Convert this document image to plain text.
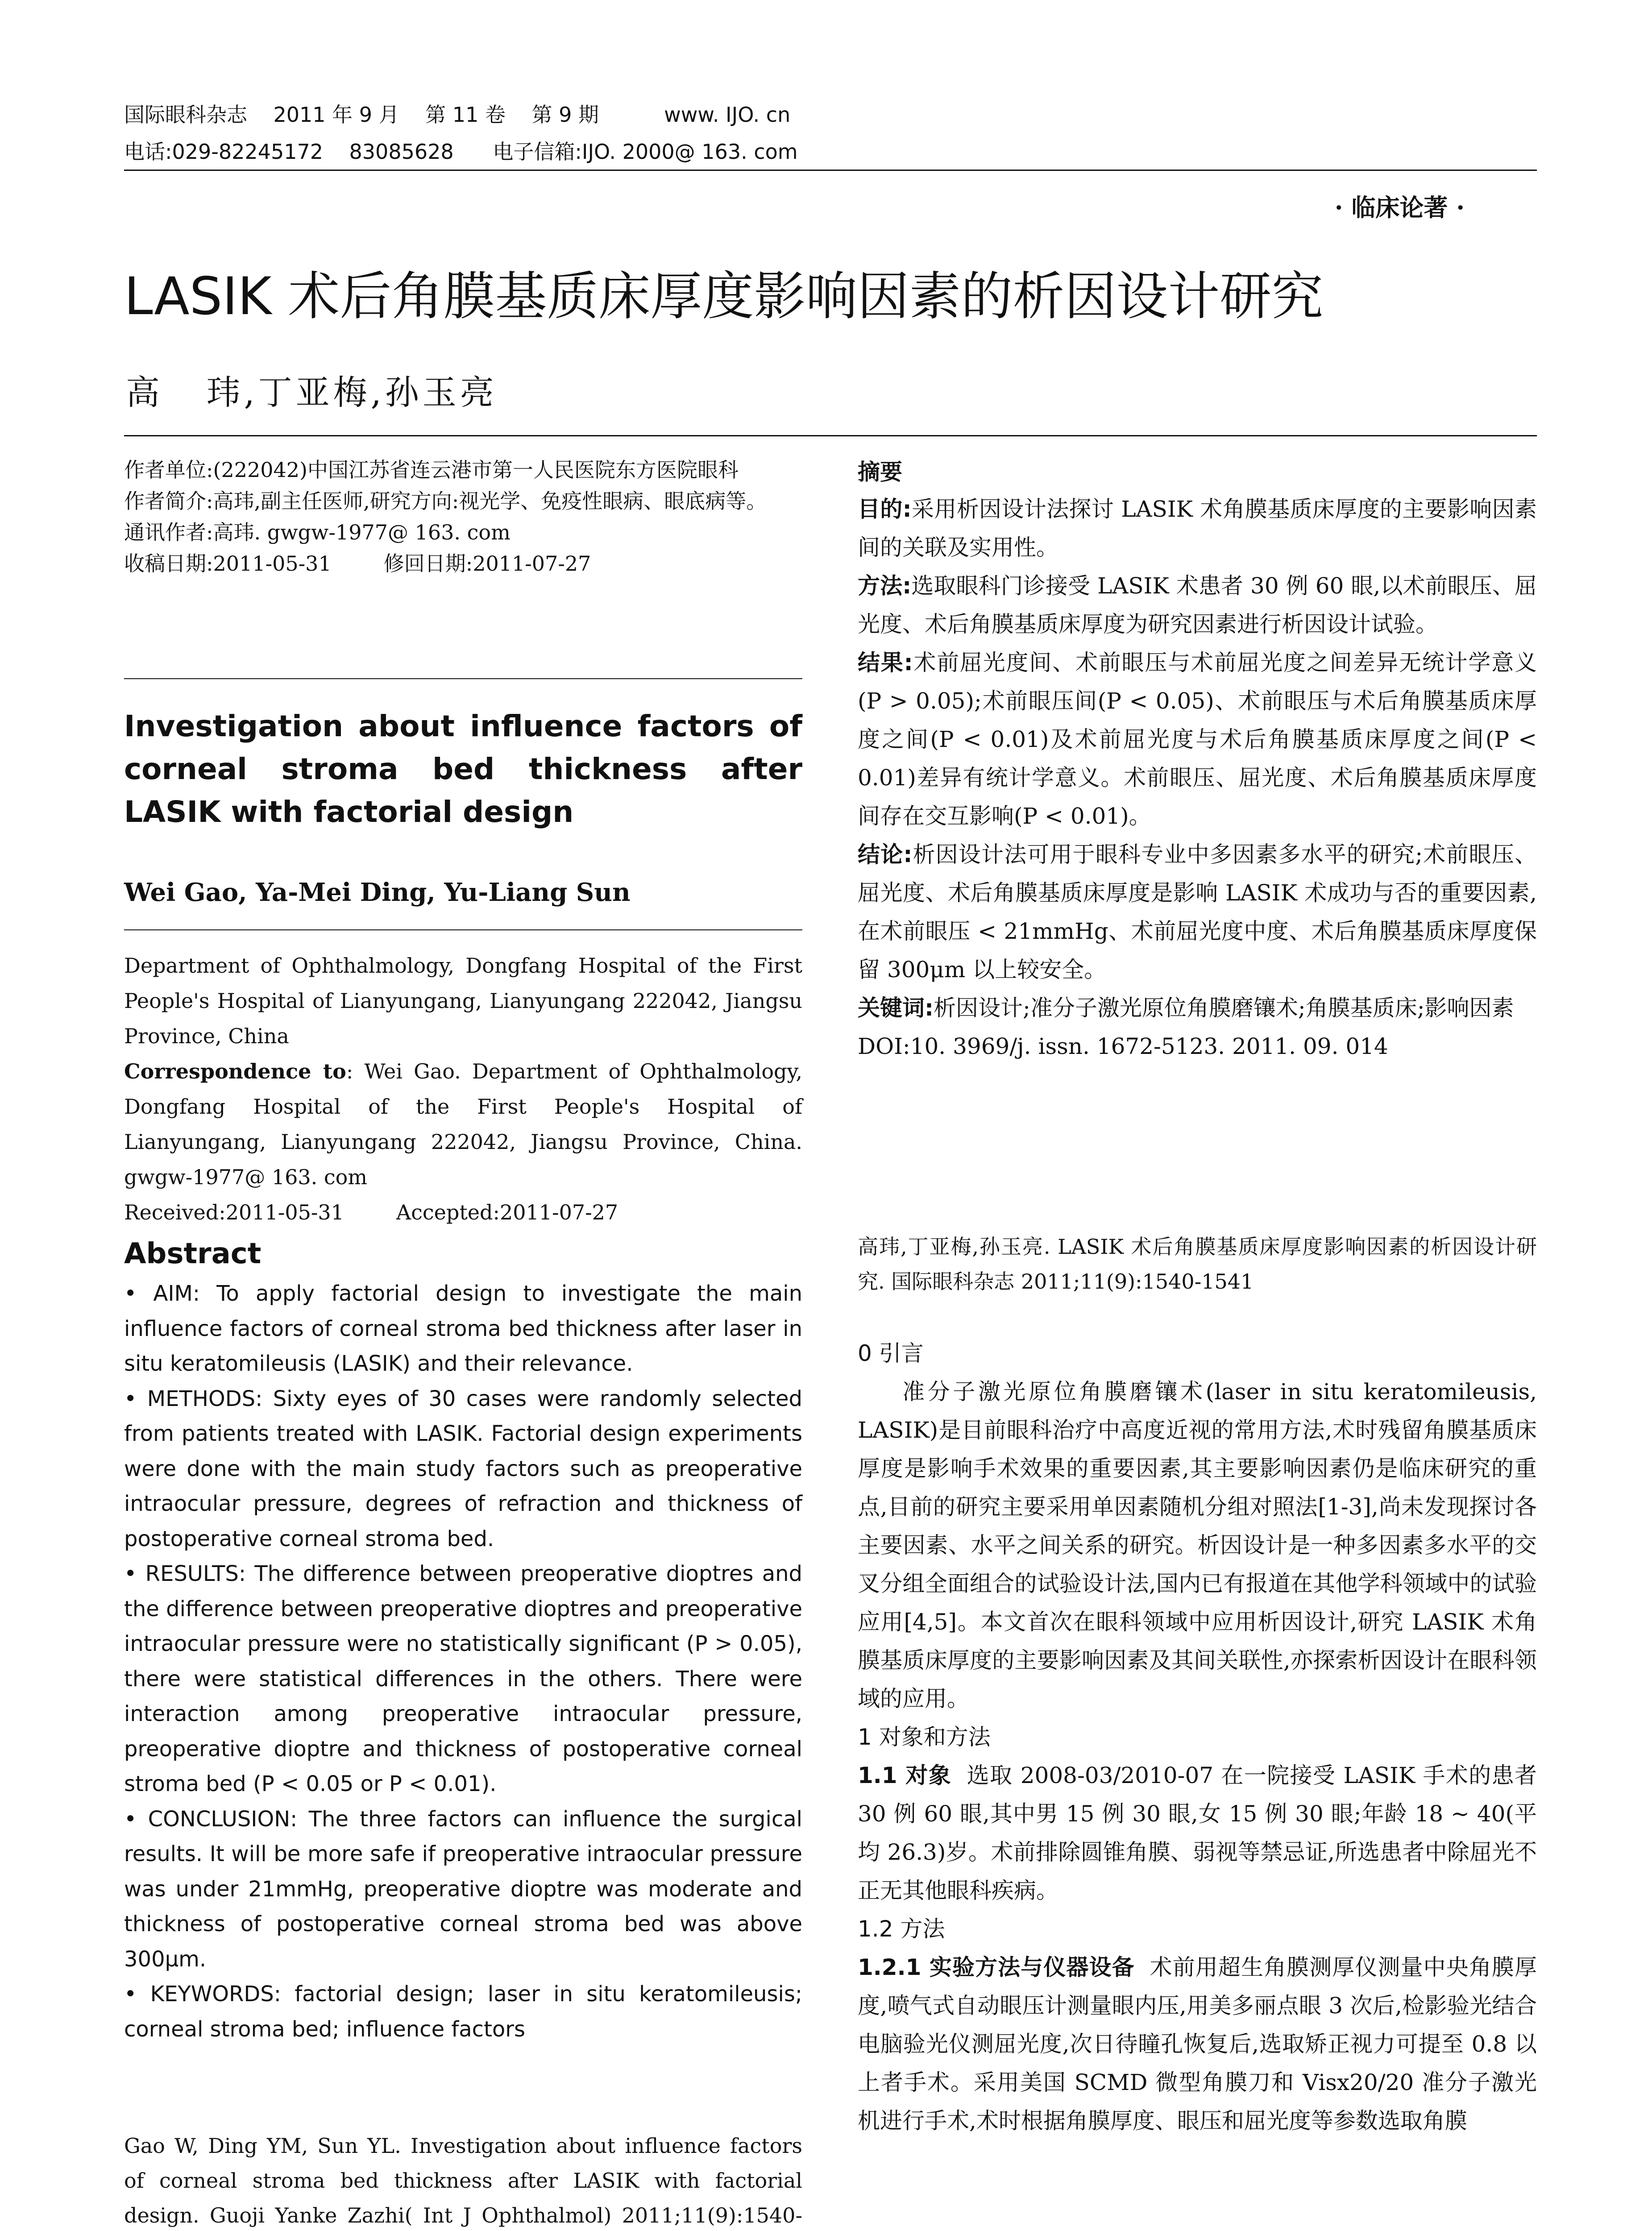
国际眼科杂志    2011 年 9 月    第 11 卷    第 9 期          www. IJO. cn
电话:029-82245172    83085628      电子信箱:IJO. 2000@ 163. com
· 临床论著 ·
LASIK 术后角膜基质床厚度影响因素的析因设计研究
高   玮,丁亚梅,孙玉亮

作者单位:(222042)中国江苏省连云港市第一人民医院东方医院眼科

作者简介:高玮,副主任医师,研究方向:视光学、免疫性眼病、眼底病等。

通讯作者:高玮. gwgw-1977@ 163. com

收稿日期:2011-05-31        修回日期:2011-07-27

Investigation about influence factors of corneal stroma bed thickness after LASIK with factorial design

Wei Gao, Ya-Mei Ding, Yu-Liang Sun

Department of Ophthalmology, Dongfang Hospital of the First People's Hospital of Lianyungang, Lianyungang 222042, Jiangsu Province, China

Correspondence to: Wei Gao. Department of Ophthalmology, Dongfang Hospital of the First People's Hospital of Lianyungang, Lianyungang 222042, Jiangsu Province, China. gwgw-1977@ 163. com

Received:2011-05-31        Accepted:2011-07-27

Abstract

• AIM: To apply factorial design to investigate the main influence factors of corneal stroma bed thickness after laser in situ keratomileusis (LASIK) and their relevance.

• METHODS: Sixty eyes of 30 cases were randomly selected from patients treated with LASIK. Factorial design experiments were done with the main study factors such as preoperative intraocular pressure, degrees of refraction and thickness of postoperative corneal stroma bed.

• RESULTS: The difference between preoperative dioptres and the difference between preoperative dioptres and preoperative intraocular pressure were no statistically significant (P > 0.05), there were statistical differences in the others. There were interaction among preoperative intraocular pressure, preoperative dioptre and thickness of postoperative corneal stroma bed (P < 0.05 or P < 0.01).

• CONCLUSION: The three factors can influence the surgical results. It will be more safe if preoperative intraocular pressure was under 21mmHg, preoperative dioptre was moderate and thickness of postoperative corneal stroma bed was above 300μm.

• KEYWORDS: factorial design; laser in situ keratomileusis; corneal stroma bed; influence factors

Gao W, Ding YM, Sun YL. Investigation about influence factors of corneal stroma bed thickness after LASIK with factorial design. Guoji Yanke Zazhi( Int J Ophthalmol) 2011;11(9):1540-

摘要

目的:采用析因设计法探讨 LASIK 术角膜基质床厚度的主要影响因素间的关联及实用性。

方法:选取眼科门诊接受 LASIK 术患者 30 例 60 眼,以术前眼压、屈光度、术后角膜基质床厚度为研究因素进行析因设计试验。

结果:术前屈光度间、术前眼压与术前屈光度之间差异无统计学意义(P > 0.05);术前眼压间(P < 0.05)、术前眼压与术后角膜基质床厚度之间(P < 0.01)及术前屈光度与术后角膜基质床厚度之间(P < 0.01)差异有统计学意义。术前眼压、屈光度、术后角膜基质床厚度间存在交互影响(P < 0.01)。

结论:析因设计法可用于眼科专业中多因素多水平的研究;术前眼压、屈光度、术后角膜基质床厚度是影响 LASIK 术成功与否的重要因素,在术前眼压 < 21mmHg、术前屈光度中度、术后角膜基质床厚度保留 300μm 以上较安全。

关键词:析因设计;准分子激光原位角膜磨镶术;角膜基质床;影响因素

DOI:10. 3969/j. issn. 1672-5123. 2011. 09. 014

高玮,丁亚梅,孙玉亮. LASIK 术后角膜基质床厚度影响因素的析因设计研究. 国际眼科杂志 2011;11(9):1540-1541

0 引言

准分子激光原位角膜磨镶术(laser in situ keratomileusis, LASIK)是目前眼科治疗中高度近视的常用方法,术时残留角膜基质床厚度是影响手术效果的重要因素,其主要影响因素仍是临床研究的重点,目前的研究主要采用单因素随机分组对照法[1-3],尚未发现探讨各主要因素、水平之间关系的研究。析因设计是一种多因素多水平的交叉分组全面组合的试验设计法,国内已有报道在其他学科领域中的试验应用[4,5]。本文首次在眼科领域中应用析因设计,研究 LASIK 术角膜基质床厚度的主要影响因素及其间关联性,亦探索析因设计在眼科领域的应用。

1 对象和方法

1.1 对象 选取 2008-03/2010-07 在一院接受 LASIK 手术的患者 30 例 60 眼,其中男 15 例 30 眼,女 15 例 30 眼;年龄 18 ~ 40(平均 26.3)岁。术前排除圆锥角膜、弱视等禁忌证,所选患者中除屈光不正无其他眼科疾病。

1.2 方法

1.2.1 实验方法与仪器设备 术前用超生角膜测厚仪测量中央角膜厚度,喷气式自动眼压计测量眼内压,用美多丽点眼 3 次后,检影验光结合电脑验光仪测屈光度,次日待瞳孔恢复后,选取矫正视力可提至 0.8 以上者手术。采用美国 SCMD 微型角膜刀和 Visx20/20 准分子激光机进行手术,术时根据角膜厚度、眼压和屈光度等参数选取角膜
